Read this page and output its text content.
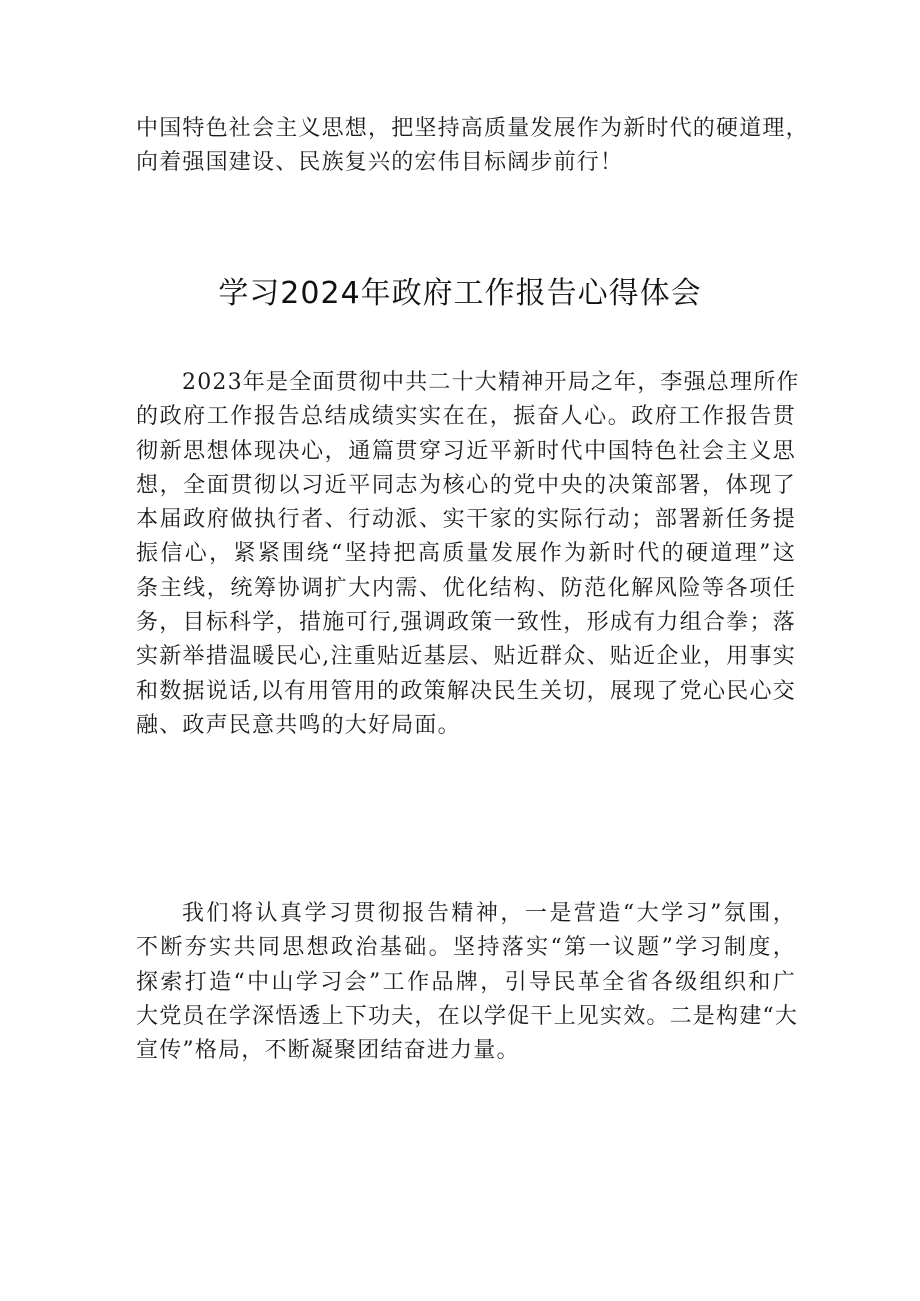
中国特色社会主义思想，把坚持高质量发展作为新时代的硬道理，
向着强国建设、民族复兴的宏伟目标阔步前行！
学习2024年政府工作报告心得体会
2023年是全面贯彻中共二十大精神开局之年，李强总理所作
的政府工作报告总结成绩实实在在，振奋人心。政府工作报告贯
彻新思想体现决心，通篇贯穿习近平新时代中国特色社会主义思
想，全面贯彻以习近平同志为核心的党中央的决策部署，体现了
本届政府做执行者、行动派、实干家的实际行动；部署新任务提
振信心，紧紧围绕“坚持把高质量发展作为新时代的硬道理”这
条主线，统筹协调扩大内需、优化结构、防范化解风险等各项任
务，目标科学，措施可行,强调政策一致性，形成有力组合拳；落
实新举措温暖民心,注重贴近基层、贴近群众、贴近企业，用事实
和数据说话,以有用管用的政策解决民生关切，展现了党心民心交
融、政声民意共鸣的大好局面。
我们将认真学习贯彻报告精神，一是营造“大学习”氛围，
不断夯实共同思想政治基础。坚持落实“第一议题”学习制度，
探索打造“中山学习会”工作品牌，引导民革全省各级组织和广
大党员在学深悟透上下功夫，在以学促干上见实效。二是构建“大
宣传”格局，不断凝聚团结奋进力量。
